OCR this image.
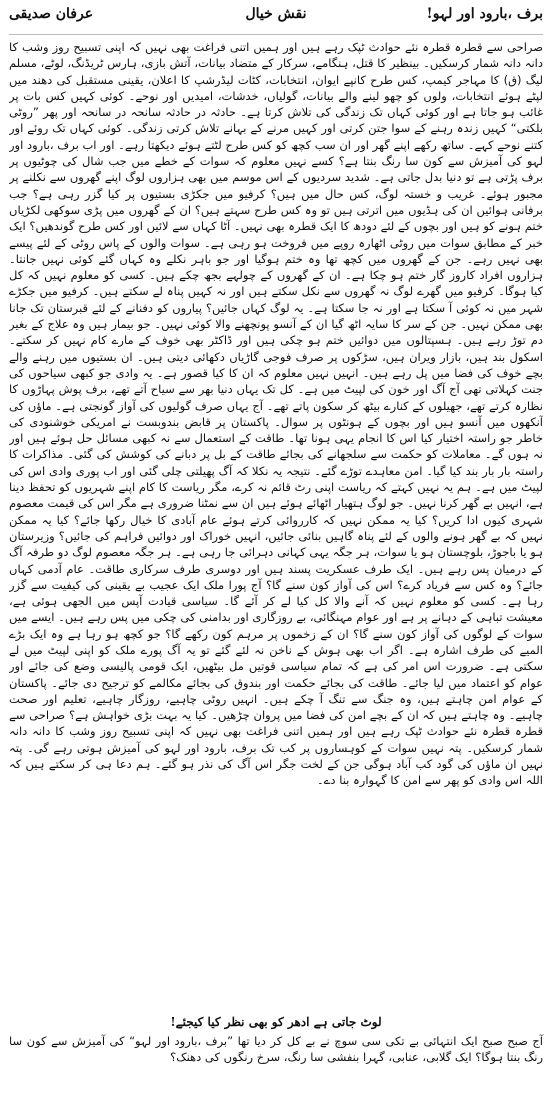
برف ،بارود اور لہو!
نقش خیال
عرفان صدیقی

صراحی سے قطرہ قطرہ نئے حوادث ٹپک رہے ہیں اور ہمیں اتنی فراغت بھی نہیں کہ اپنی تسبیح روز وشب کا دانہ دانہ شمار کرسکیں۔ بینظیر کا قتل، ہنگامے، سرکار کے متضاد بیانات، آتش بازی، ہارس ٹریڈنگ، لوٹے، مسلم لیگ (ق) کا مہاجر کیمپ، کس طرح کانپے ایوان، انتخابات، کٹات لیڈرشپ کا اعلان، یقینی مستقبل کی دھند میں لپٹے ہوئے انتخابات، ولوں کو چھو لینے والے بیانات، گولیاں، خدشات، امیدیں اور نوحے۔ کوئی کہیں کس بات پر غائب ہو جاتا ہے اور کوئی کہاں تک زندگی کی تلاش کرتا ہے۔ حادثہ در حادثہ سانحہ در سانحہ اور پھر ”روٹی بلکتی“ کہیں زندہ رہنے کے سوا جتن کرتی اور کہیں مرنے کے بہانے تلاش کرتی زندگی۔ کوئی کہاں تک روئے اور کتنے نوحے کہے۔ ساتھ رکھے اپنے گھر اور ان سب کچھ کو کس طرح لٹتے ہوئے دیکھتا رہے۔ اور اب برف ،بارود اور لہو کی آمیزش سے کون سا رنگ بنتا ہے؟ کسے نہیں معلوم کہ سوات کے خطے میں جب شال کی چوٹیوں پر برف پڑتی ہے تو دنیا بدل جاتی ہے۔ شدید سردیوں کے اس موسم میں بھی ہزاروں لوگ اپنے گھروں سے نکلنے پر مجبور ہوئے۔ غریب و خستہ لوگ، کس حال میں ہیں؟ کرفیو میں جکڑی بستیوں پر کیا گزر رہی ہے؟ جب برفانی ہوائیں ان کی ہڈیوں میں اترتی ہیں تو وہ کس طرح سہتے ہیں؟ ان کے گھروں میں پڑی سوکھی لکڑیاں ختم ہونے کو ہیں اور بچوں کے لئے دودھ کا ایک قطرہ بھی نہیں۔ آٹا کہاں سے لائیں اور کس طرح گوندھیں؟ ایک خبر کے مطابق سوات میں روٹی اٹھارہ روپے میں فروخت ہو رہی ہے۔ سوات والوں کے پاس روٹی کے لئے پیسے بھی نہیں رہے۔ جن کے گھروں میں کچھ تھا وہ ختم ہوگیا اور جو باہر نکلے وہ کہاں گئے کوئی نہیں جانتا۔ ہزاروں افراد کاروز گار ختم ہو چکا ہے۔ ان کے گھروں کے چولہے بجھ چکے ہیں۔ کسی کو معلوم نہیں کہ کل کیا ہوگا۔ کرفیو میں گھرے لوگ نہ گھروں سے نکل سکتے ہیں اور نہ کہیں پناہ لے سکتے ہیں۔ کرفیو میں جکڑے شہر میں نہ کوئی آ سکتا ہے اور نہ جا سکتا ہے۔ یہ لوگ کہاں جائیں؟ پیاروں کو دفنانے کے لئے قبرستان تک جانا بھی ممکن نہیں۔ جن کے سر کا سایہ اٹھ گیا ان کے آنسو پونچھنے والا کوئی نہیں۔ جو بیمار ہیں وہ علاج کے بغیر دم توڑ رہے ہیں۔ ہسپتالوں میں دوائیں ختم ہو چکی ہیں اور ڈاکٹر بھی خوف کے مارے کام نہیں کر سکتے۔ اسکول بند ہیں، بازار ویران ہیں، سڑکوں پر صرف فوجی گاڑیاں دکھائی دیتی ہیں۔ ان بستیوں میں رہنے والے بچے خوف کی فضا میں پل رہے ہیں۔ انہیں نہیں معلوم کہ ان کا کیا قصور ہے۔ یہ وادی جو کبھی سیاحوں کی جنت کہلاتی تھی آج آگ اور خون کی لپیٹ میں ہے۔ کل تک یہاں دنیا بھر سے سیاح آتے تھے، برف پوش پہاڑوں کا نظارہ کرتے تھے، جھیلوں کے کنارے بیٹھ کر سکون پاتے تھے۔ آج یہاں صرف گولیوں کی آواز گونجتی ہے۔ ماؤں کی آنکھوں میں آنسو ہیں اور بچوں کے ہونٹوں پر سوال۔ پاکستان پر قابض بندوبست نے امریکی خوشنودی کی خاطر جو راستہ اختیار کیا اس کا انجام یہی ہونا تھا۔ طاقت کے استعمال سے نہ کبھی مسائل حل ہوئے ہیں اور نہ ہوں گے۔ معاملات کو حکمت سے سلجھانے کی بجائے طاقت کے بل پر دبانے کی کوشش کی گئی۔ مذاکرات کا راستہ بار بار بند کیا گیا۔ امن معاہدے توڑے گئے۔ نتیجہ یہ نکلا کہ آگ پھیلتی چلی گئی اور اب پوری وادی اس کی لپیٹ میں ہے۔ ہم یہ نہیں کہتے کہ ریاست اپنی رٹ قائم نہ کرے، مگر ریاست کا کام اپنے شہریوں کو تحفظ دینا ہے، انہیں بے گھر کرنا نہیں۔ جو لوگ ہتھیار اٹھائے ہوئے ہیں ان سے نمٹنا ضروری ہے مگر اس کی قیمت معصوم شہری کیوں ادا کریں؟ کیا یہ ممکن نہیں کہ کارروائی کرتے ہوئے عام آبادی کا خیال رکھا جائے؟ کیا یہ ممکن نہیں کہ بے گھر ہونے والوں کے لئے پناہ گاہیں بنائی جائیں، انہیں خوراک اور دوائیں فراہم کی جائیں؟ وزیرستان ہو یا باجوڑ، بلوچستان ہو یا سوات، ہر جگہ یہی کہانی دہرائی جا رہی ہے۔ ہر جگہ معصوم لوگ دو طرفہ آگ کے درمیان پس رہے ہیں۔ ایک طرف عسکریت پسند ہیں اور دوسری طرف سرکاری طاقت۔ عام آدمی کہاں جائے؟ وہ کس سے فریاد کرے؟ اس کی آواز کون سنے گا؟ آج پورا ملک ایک عجیب بے یقینی کی کیفیت سے گزر رہا ہے۔ کسی کو معلوم نہیں کہ آنے والا کل کیا لے کر آئے گا۔ سیاسی قیادت آپس میں الجھی ہوئی ہے، معیشت تباہی کے دہانے پر ہے اور عوام مہنگائی، بے روزگاری اور بدامنی کی چکی میں پس رہے ہیں۔ ایسے میں سوات کے لوگوں کی آواز کون سنے گا؟ ان کے زخموں پر مرہم کون رکھے گا؟ جو کچھ ہو رہا ہے وہ ایک بڑے المیے کی طرف اشارہ ہے۔ اگر اب بھی ہوش کے ناخن نہ لئے گئے تو یہ آگ پورے ملک کو اپنی لپیٹ میں لے سکتی ہے۔ ضرورت اس امر کی ہے کہ تمام سیاسی قوتیں مل بیٹھیں، ایک قومی پالیسی وضع کی جائے اور عوام کو اعتماد میں لیا جائے۔ طاقت کی بجائے حکمت اور بندوق کی بجائے مکالمے کو ترجیح دی جائے۔ پاکستان کے عوام امن چاہتے ہیں، وہ جنگ سے تنگ آ چکے ہیں۔ انہیں روٹی چاہیے، روزگار چاہیے، تعلیم اور صحت چاہیے۔ وہ چاہتے ہیں کہ ان کے بچے امن کی فضا میں پروان چڑھیں۔ کیا یہ بہت بڑی خواہش ہے؟ صراحی سے قطرہ قطرہ نئے حوادث ٹپک رہے ہیں اور ہمیں اتنی فراغت بھی نہیں کہ اپنی تسبیح روز وشب کا دانہ دانہ شمار کرسکیں۔ پتہ نہیں سوات کے کوہساروں پر کب تک برف، بارود اور لہو کی آمیزش ہوتی رہے گی۔ پتہ نہیں ان ماؤں کی گود کب آباد ہوگی جن کے لخت جگر اس آگ کی نذر ہو گئے۔ ہم دعا ہی کر سکتے ہیں کہ اللہ اس وادی کو پھر سے امن کا گہوارہ بنا دے۔

لوٹ جاتی ہے ادھر کو بھی نظر کیا کیجئے!
آج صبح صبح ایک انتہائی بے تکی سی سوچ نے بے کل کر دیا تھا ”برف ،بارود اور لہو“ کی آمیزش سے کون سا رنگ بنتا ہوگا؟ ایک گلابی، عنابی، گہرا بنفشی سا رنگ، سرخ رنگوں کی دھنک؟
